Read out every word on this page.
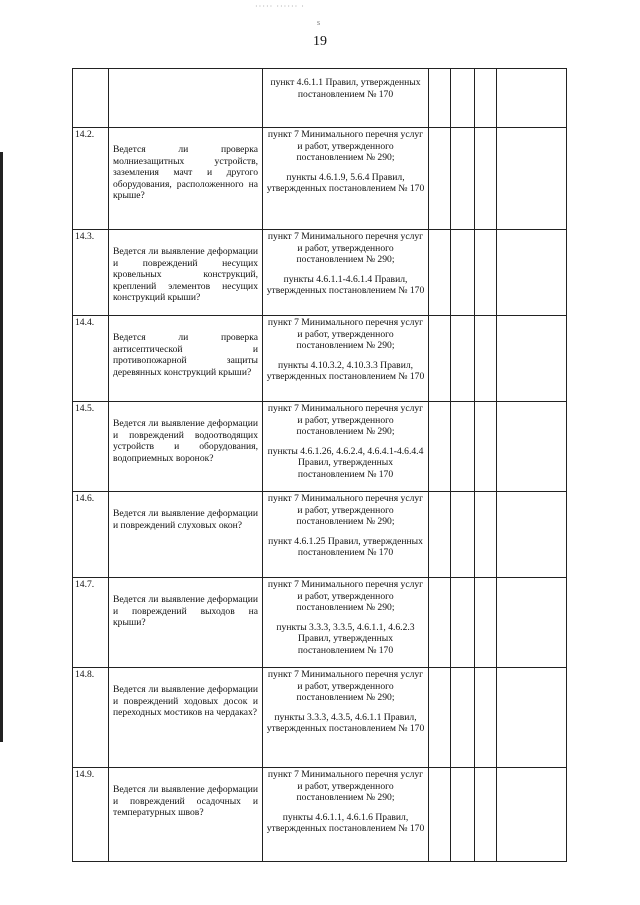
····· ······ ·
s
19
		пункт 4.6.1.1 Правил, утвержденных постановлением № 170				
14.2.	Ведется ли проверка молниезащитных устройств, заземления мачт и другого оборудования, расположенного на крыше?	пункт 7 Минимального перечня услуг и работ, утвержденного постановлением № 290;
пункты 4.6.1.9, 5.6.4 Правил, утвержденных постановлением № 170				

14.3.	Ведется ли выявление деформации и повреждений несущих кровельных конструкций, креплений элементов несущих конструкций крыши?	пункт 7 Минимального перечня услуг и работ, утвержденного постановлением № 290;
пункты 4.6.1.1-4.6.1.4 Правил, утвержденных постановлением № 170				

14.4.	Ведется ли проверка антисептической и противопожарной защиты деревянных конструкций крыши?	пункт 7 Минимального перечня услуг и работ, утвержденного постановлением № 290;
пункты 4.10.3.2, 4.10.3.3 Правил, утвержденных постановлением № 170				

14.5.	Ведется ли выявление деформации и повреждений водоотводящих устройств и оборудования, водоприемных воронок?	пункт 7 Минимального перечня услуг и работ, утвержденного постановлением № 290;
пункты 4.6.1.26, 4.6.2.4, 4.6.4.1-4.6.4.4 Правил, утвержденных постановлением № 170				

14.6.	Ведется ли выявление деформации и повреждений слуховых окон?	пункт 7 Минимального перечня услуг и работ, утвержденного постановлением № 290;
пункт 4.6.1.25 Правил, утвержденных постановлением № 170				

14.7.	Ведется ли выявление деформации и повреждений выходов на крыши?	пункт 7 Минимального перечня услуг и работ, утвержденного постановлением № 290;
пункты 3.3.3, 3.3.5, 4.6.1.1, 4.6.2.3 Правил, утвержденных постановлением № 170				

14.8.	Ведется ли выявление деформации и повреждений ходовых досок и переходных мостиков на чердаках?	пункт 7 Минимального перечня услуг и работ, утвержденного постановлением № 290;
пункты 3.3.3, 4.3.5, 4.6.1.1 Правил, утвержденных постановлением № 170				

14.9.	Ведется ли выявление деформации и повреждений осадочных и температурных швов?	пункт 7 Минимального перечня услуг и работ, утвержденного постановлением № 290;
пункты 4.6.1.1, 4.6.1.6 Правил, утвержденных постановлением № 170				
